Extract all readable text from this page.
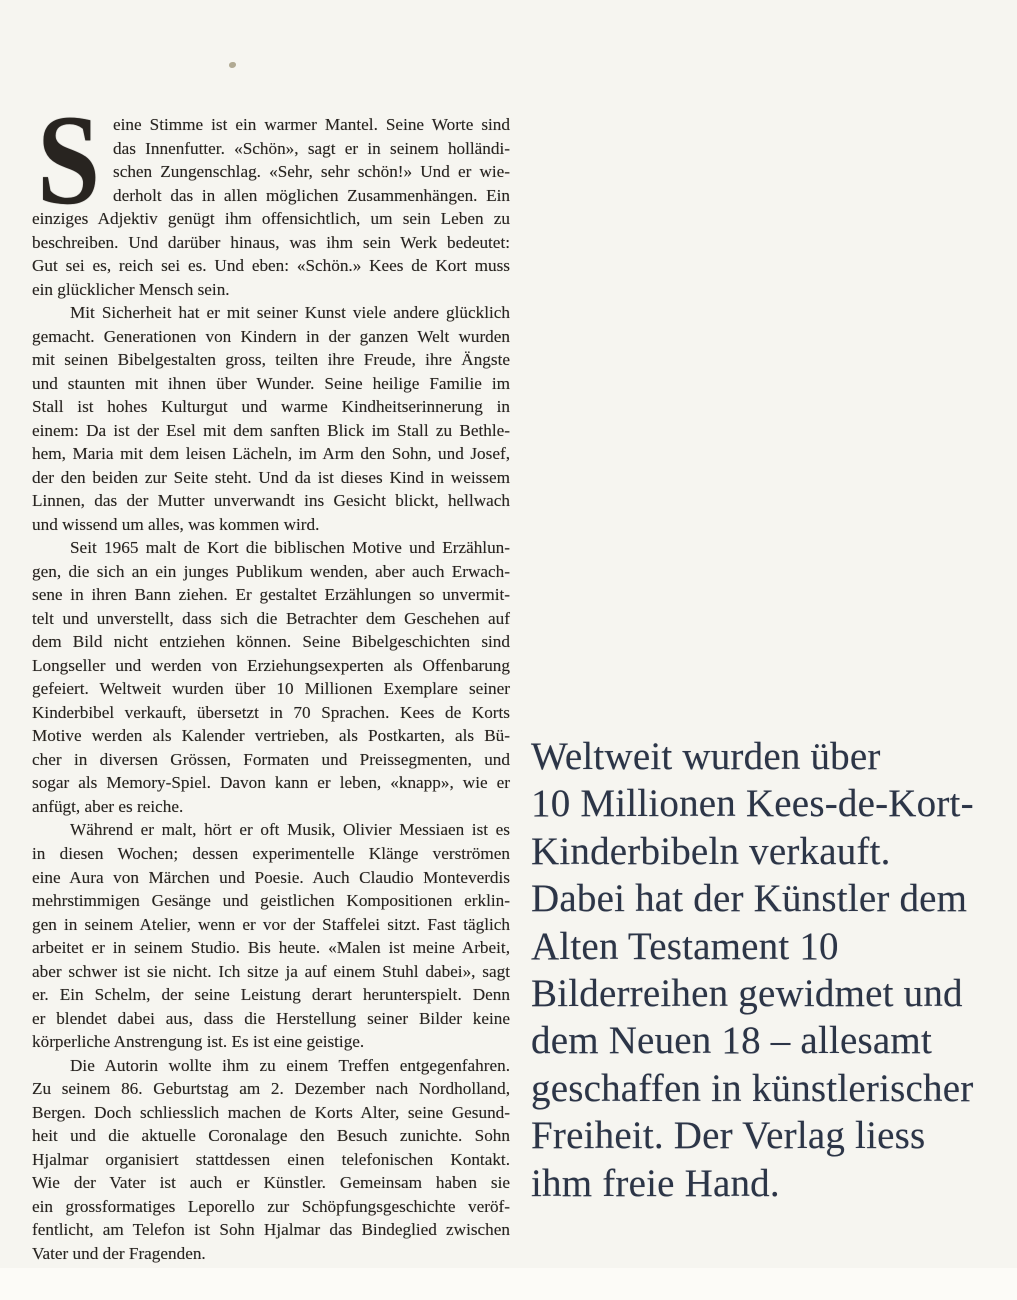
S eine Stimme ist ein warmer Mantel. Seine Worte sind
das Innenfutter. «Schön», sagt er in seinem holländi-
schen Zungenschlag. «Sehr, sehr schön!» Und er wie-
derholt das in allen möglichen Zusammenhängen. Ein
einziges Adjektiv genügt ihm offensichtlich, um sein Leben zu
beschreiben. Und darüber hinaus, was ihm sein Werk bedeutet:
Gut sei es, reich sei es. Und eben: «Schön.» Kees de Kort muss
ein glücklicher Mensch sein.
Mit Sicherheit hat er mit seiner Kunst viele andere glücklich
gemacht. Generationen von Kindern in der ganzen Welt wurden
mit seinen Bibelgestalten gross, teilten ihre Freude, ihre Ängste
und staunten mit ihnen über Wunder. Seine heilige Familie im
Stall ist hohes Kulturgut und warme Kindheitserinnerung in
einem: Da ist der Esel mit dem sanften Blick im Stall zu Bethle-
hem, Maria mit dem leisen Lächeln, im Arm den Sohn, und Josef,
der den beiden zur Seite steht. Und da ist dieses Kind in weissem
Linnen, das der Mutter unverwandt ins Gesicht blickt, hellwach
und wissend um alles, was kommen wird.
Seit 1965 malt de Kort die biblischen Motive und Erzählun-
gen, die sich an ein junges Publikum wenden, aber auch Erwach-
sene in ihren Bann ziehen. Er gestaltet Erzählungen so unvermit-
telt und unverstellt, dass sich die Betrachter dem Geschehen auf
dem Bild nicht entziehen können. Seine Bibelgeschichten sind
Longseller und werden von Erziehungsexperten als Offenbarung
gefeiert. Weltweit wurden über 10 Millionen Exemplare seiner
Kinderbibel verkauft, übersetzt in 70 Sprachen. Kees de Korts
Motive werden als Kalender vertrieben, als Postkarten, als Bü-
cher in diversen Grössen, Formaten und Preissegmenten, und
sogar als Memory-Spiel. Davon kann er leben, «knapp», wie er
anfügt, aber es reiche.
Während er malt, hört er oft Musik, Olivier Messiaen ist es
in diesen Wochen; dessen experimentelle Klänge verströmen
eine Aura von Märchen und Poesie. Auch Claudio Monteverdis
mehrstimmigen Gesänge und geistlichen Kompositionen erklin-
gen in seinem Atelier, wenn er vor der Staffelei sitzt. Fast täglich
arbeitet er in seinem Studio. Bis heute. «Malen ist meine Arbeit,
aber schwer ist sie nicht. Ich sitze ja auf einem Stuhl dabei», sagt
er. Ein Schelm, der seine Leistung derart herunterspielt. Denn
er blendet dabei aus, dass die Herstellung seiner Bilder keine
körperliche Anstrengung ist. Es ist eine geistige.
Die Autorin wollte ihm zu einem Treffen entgegenfahren.
Zu seinem 86. Geburtstag am 2. Dezember nach Nordholland,
Bergen. Doch schliesslich machen de Korts Alter, seine Gesund-
heit und die aktuelle Coronalage den Besuch zunichte. Sohn
Hjalmar organisiert stattdessen einen telefonischen Kontakt.
Wie der Vater ist auch er Künstler. Gemeinsam haben sie
ein grossformatiges Leporello zur Schöpfungsgeschichte veröf-
fentlicht, am Telefon ist Sohn Hjalmar das Bindeglied zwischen
Vater und der Fragenden.
Weltweit wurden über
10 Millionen Kees-de-Kort-
Kinderbibeln verkauft.
Dabei hat der Künstler dem
Alten Testament 10
Bilderreihen gewidmet und
dem Neuen 18 – allesamt
geschaffen in künstlerischer
Freiheit. Der Verlag liess
ihm freie Hand.
